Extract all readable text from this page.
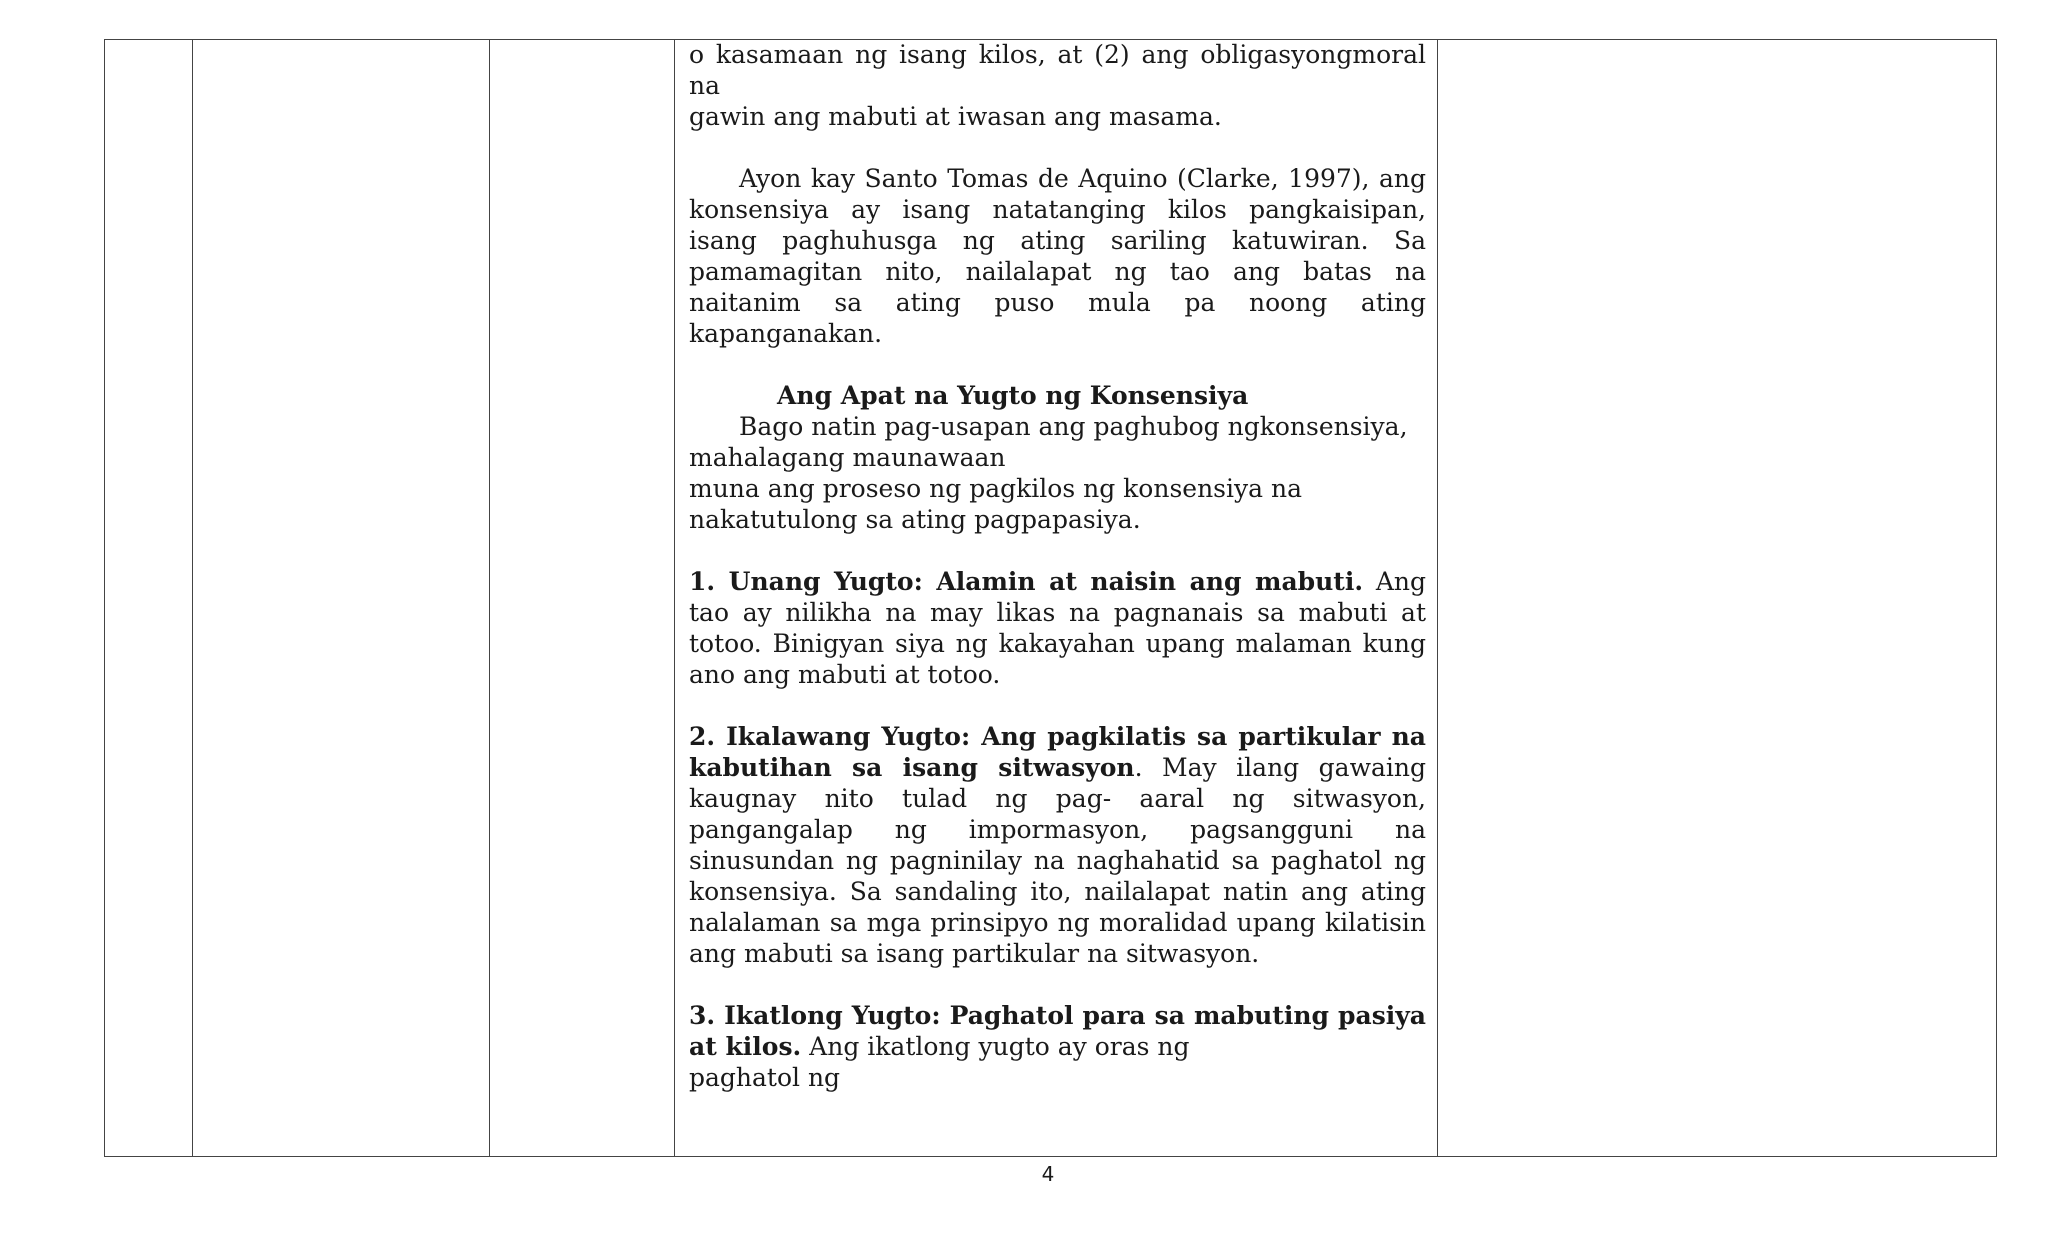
o kasamaan ng isang kilos, at (2) ang obligasyongmoral na
gawin ang mabuti at iwasan ang masama.

Ayon kay Santo Tomas de Aquino (Clarke, 1997), ang konsensiya ay isang natatanging kilos pangkaisipan, isang paghuhusga ng ating sariling katuwiran. Sa pamamagitan nito, nailalapat ng tao ang batas na naitanim sa ating puso mula pa noong ating kapanganakan.

Ang Apat na Yugto ng Konsensiya

Bago natin pag-usapan ang paghubog ngkonsensiya,
mahalagang maunawaan
muna ang proseso ng pagkilos ng konsensiya na
nakatutulong sa ating pagpapasiya.

1. Unang Yugto: Alamin at naisin ang mabuti. Ang tao ay nilikha na may likas na pagnanais sa mabuti at totoo. Binigyan siya ng kakayahan upang malaman kung ano ang mabuti at totoo.

2. Ikalawang Yugto: Ang pagkilatis sa partikular na kabutihan sa isang sitwasyon. May ilang gawaing kaugnay nito tulad ng pag- aaral ng sitwasyon, pangangalap ng impormasyon, pagsangguni na sinusundan ng pagninilay na naghahatid sa paghatol ng konsensiya. Sa sandaling ito, nailalapat natin ang ating nalalaman sa mga prinsipyo ng moralidad upang kilatisin ang mabuti sa isang partikular na sitwasyon.

3. Ikatlong Yugto: Paghatol para sa mabuting pasiya at kilos. Ang ikatlong yugto ay oras ng

paghatol ng
4
